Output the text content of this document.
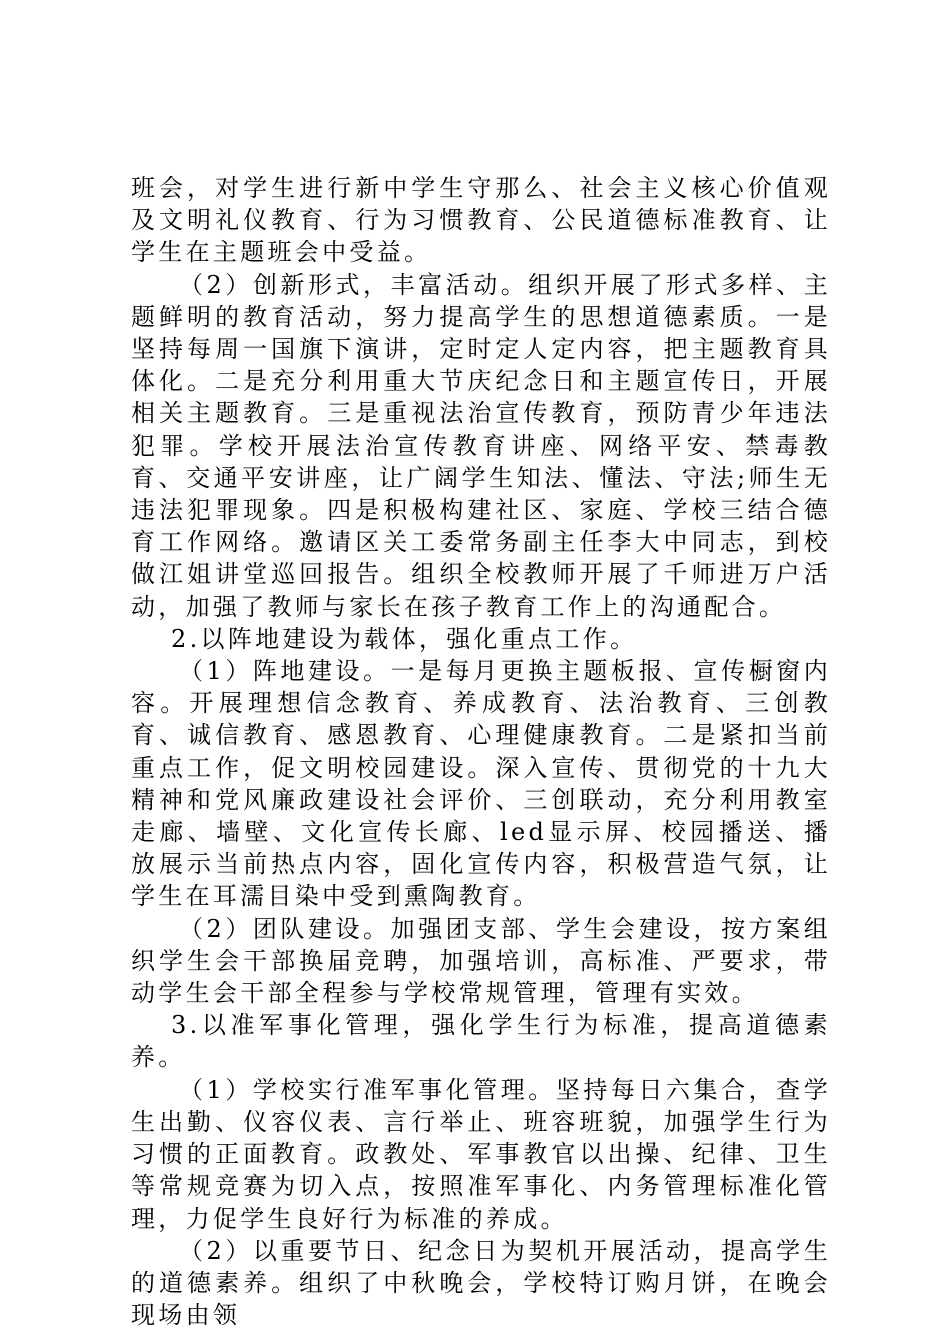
班会，对学生进行新中学生守那么、社会主义核心价值观及文明礼仪教育、行为习惯教育、公民道德标准教育、让学生在主题班会中受益。

（2）创新形式，丰富活动。组织开展了形式多样、主题鲜明的教育活动，努力提高学生的思想道德素质。一是坚持每周一国旗下演讲，定时定人定内容，把主题教育具体化。二是充分利用重大节庆纪念日和主题宣传日，开展相关主题教育。三是重视法治宣传教育，预防青少年违法犯罪。学校开展法治宣传教育讲座、网络平安、禁毒教育、交通平安讲座，让广阔学生知法、懂法、守法;师生无违法犯罪现象。四是积极构建社区、家庭、学校三结合德育工作网络。邀请区关工委常务副主任李大中同志，到校做江姐讲堂巡回报告。组织全校教师开展了千师进万户活动，加强了教师与家长在孩子教育工作上的沟通配合。

2.以阵地建设为载体，强化重点工作。

（1）阵地建设。一是每月更换主题板报、宣传橱窗内容。开展理想信念教育、养成教育、法治教育、三创教育、诚信教育、感恩教育、心理健康教育。二是紧扣当前重点工作，促文明校园建设。深入宣传、贯彻党的十九大精神和党风廉政建设社会评价、三创联动，充分利用教室走廊、墙壁、文化宣传长廊、led显示屏、校园播送、播放展示当前热点内容，固化宣传内容，积极营造气氛，让学生在耳濡目染中受到熏陶教育。

（2）团队建设。加强团支部、学生会建设，按方案组织学生会干部换届竞聘，加强培训，高标准、严要求，带动学生会干部全程参与学校常规管理，管理有实效。

3.以准军事化管理，强化学生行为标准，提高道德素养。

（1）学校实行准军事化管理。坚持每日六集合，查学生出勤、仪容仪表、言行举止、班容班貌，加强学生行为习惯的正面教育。政教处、军事教官以出操、纪律、卫生等常规竞赛为切入点，按照准军事化、内务管理标准化管理，力促学生良好行为标准的养成。

（2）以重要节日、纪念日为契机开展活动，提高学生的道德素养。组织了中秋晚会，学校特订购月饼，在晚会现场由领
